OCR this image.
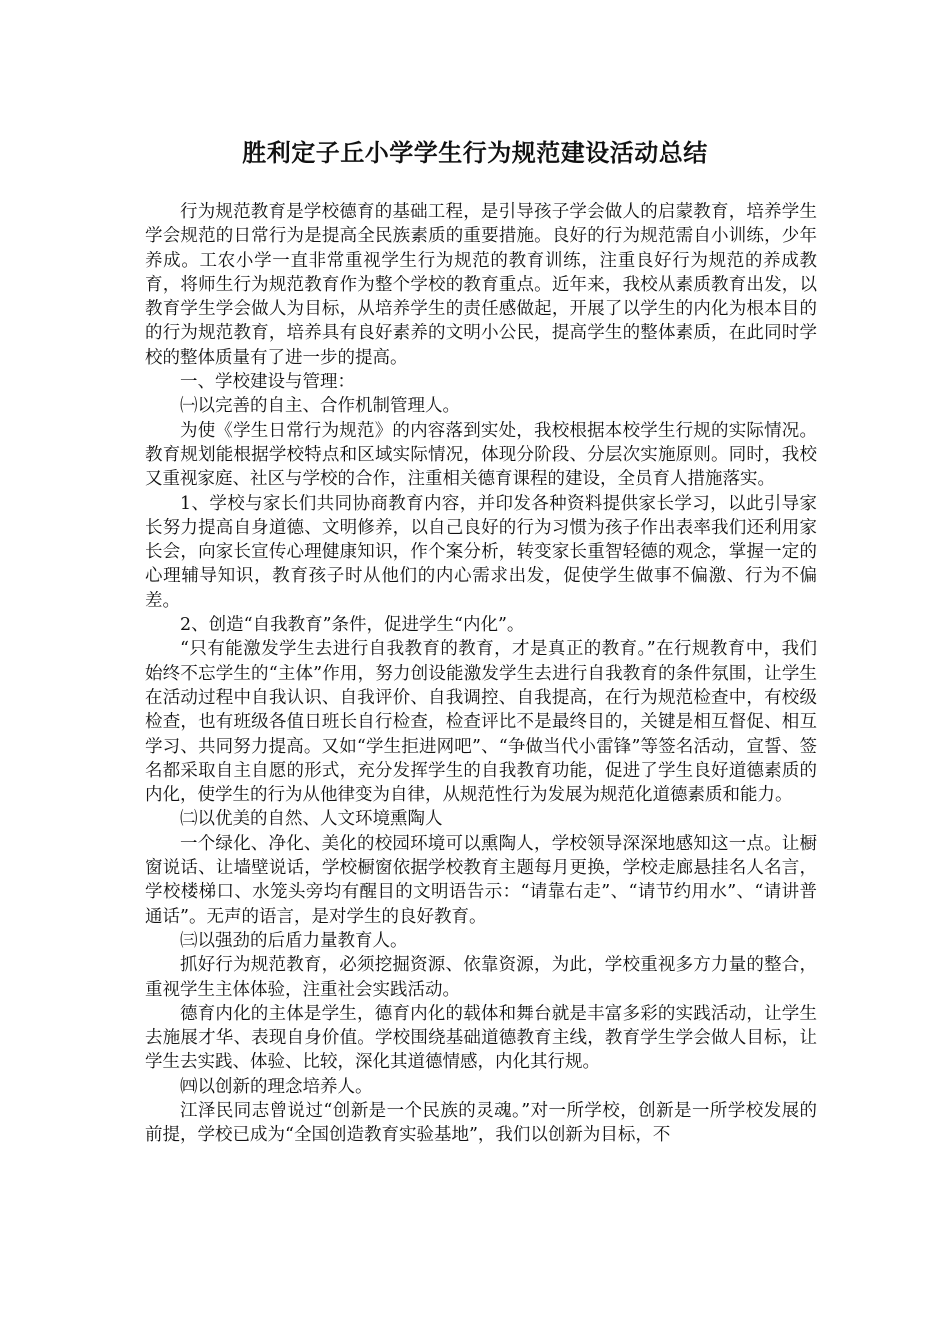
胜利定子丘小学学生行为规范建设活动总结

行为规范教育是学校德育的基础工程，是引导孩子学会做人的启蒙教育，培养学生学会规范的日常行为是提高全民族素质的重要措施。良好的行为规范需自小训练，少年养成。工农小学一直非常重视学生行为规范的教育训练，注重良好行为规范的养成教育，将师生行为规范教育作为整个学校的教育重点。近年来，我校从素质教育出发，以教育学生学会做人为目标，从培养学生的责任感做起，开展了以学生的内化为根本目的的行为规范教育，培养具有良好素养的文明小公民，提高学生的整体素质，在此同时学校的整体质量有了进一步的提高。

一、学校建设与管理：

㈠以完善的自主、合作机制管理人。

为使《学生日常行为规范》的内容落到实处，我校根据本校学生行规的实际情况。教育规划能根据学校特点和区域实际情况，体现分阶段、分层次实施原则。同时，我校又重视家庭、社区与学校的合作，注重相关德育课程的建设，全员育人措施落实。

1、学校与家长们共同协商教育内容，并印发各种资料提供家长学习，以此引导家长努力提高自身道德、文明修养，以自己良好的行为习惯为孩子作出表率我们还利用家长会，向家长宣传心理健康知识，作个案分析，转变家长重智轻德的观念，掌握一定的心理辅导知识，教育孩子时从他们的内心需求出发，促使学生做事不偏激、行为不偏差。

2、创造“自我教育”条件，促进学生“内化”。

“只有能激发学生去进行自我教育的教育，才是真正的教育。”在行规教育中，我们始终不忘学生的“主体”作用，努力创设能激发学生去进行自我教育的条件氛围，让学生在活动过程中自我认识、自我评价、自我调控、自我提高，在行为规范检查中，有校级检查，也有班级各值日班长自行检查，检查评比不是最终目的，关键是相互督促、相互学习、共同努力提高。又如“学生拒进网吧”、“争做当代小雷锋”等签名活动，宣誓、签名都采取自主自愿的形式，充分发挥学生的自我教育功能，促进了学生良好道德素质的内化，使学生的行为从他律变为自律，从规范性行为发展为规范化道德素质和能力。

㈡以优美的自然、人文环境熏陶人

一个绿化、净化、美化的校园环境可以熏陶人，学校领导深深地感知这一点。让橱窗说话、让墙壁说话，学校橱窗依据学校教育主题每月更换，学校走廊悬挂名人名言，学校楼梯口、水笼头旁均有醒目的文明语告示：“请靠右走”、“请节约用水”、“请讲普通话”。无声的语言，是对学生的良好教育。

㈢以强劲的后盾力量教育人。

抓好行为规范教育，必须挖掘资源、依靠资源，为此，学校重视多方力量的整合，重视学生主体体验，注重社会实践活动。

德育内化的主体是学生，德育内化的载体和舞台就是丰富多彩的实践活动，让学生去施展才华、表现自身价值。学校围绕基础道德教育主线，教育学生学会做人目标，让学生去实践、体验、比较，深化其道德情感，内化其行规。

㈣以创新的理念培养人。

江泽民同志曾说过“创新是一个民族的灵魂。”对一所学校，创新是一所学校发展的前提，学校已成为“全国创造教育实验基地”，我们以创新为目标，不
